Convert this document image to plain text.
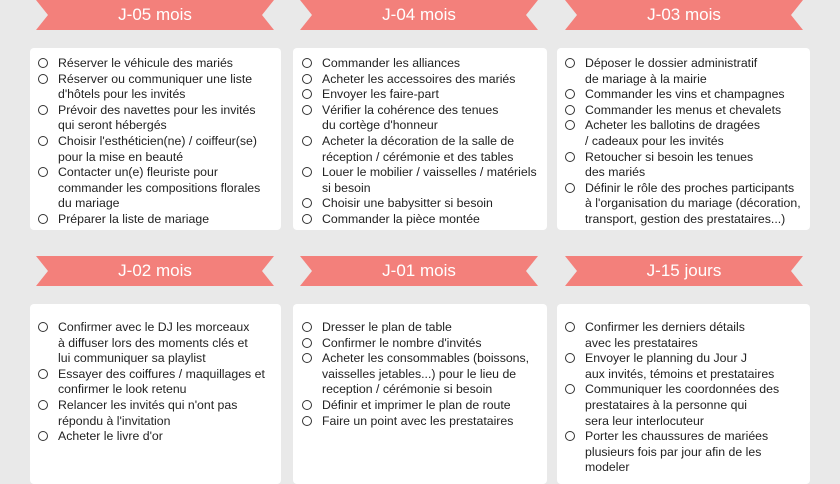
J-05 mois
Réserver le véhicule des mariés
Réserver ou communiquer une liste
d'hôtels pour les invités
Prévoir des navettes pour les invités
qui seront hébergés
Choisir l'esthéticien(ne) / coiffeur(se)
pour la mise en beauté
Contacter un(e) fleuriste pour
commander les compositions florales
du mariage
Préparer la liste de mariage
J-04 mois
Commander les alliances
Acheter les accessoires des mariés
Envoyer les faire-part
Vérifier la cohérence des tenues
du cortège d'honneur
Acheter la décoration de la salle de
réception / cérémonie et des tables
Louer le mobilier / vaisselles / matériels
si besoin
Choisir une babysitter si besoin
Commander la pièce montée
J-03 mois
Déposer le dossier administratif
de mariage à la mairie
Commander les vins et champagnes
Commander les menus et chevalets
Acheter les ballotins de dragées
/ cadeaux pour les invités
Retoucher si besoin les tenues
des mariés
Définir le rôle des proches participants
à l'organisation du mariage (décoration,
transport, gestion des prestataires...)
J-02 mois
Confirmer avec le DJ les morceaux
à diffuser lors des moments clés et
lui communiquer sa playlist
Essayer des coiffures / maquillages et
confirmer le look retenu
Relancer les invités qui n'ont pas
répondu à l'invitation
Acheter le livre d'or
J-01 mois
Dresser le plan de table
Confirmer le nombre d'invités
Acheter les consommables (boissons,
vaisselles jetables...) pour le lieu de
reception / cérémonie si besoin
Définir et imprimer le plan de route
Faire un point avec les prestataires
J-15 jours
Confirmer les derniers détails
avec les prestataires
Envoyer le planning du Jour J
aux invités, témoins et prestataires
Communiquer les coordonnées des
prestataires à la personne qui
sera leur interlocuteur
Porter les chaussures de mariées
plusieurs fois par jour afin de les
modeler
